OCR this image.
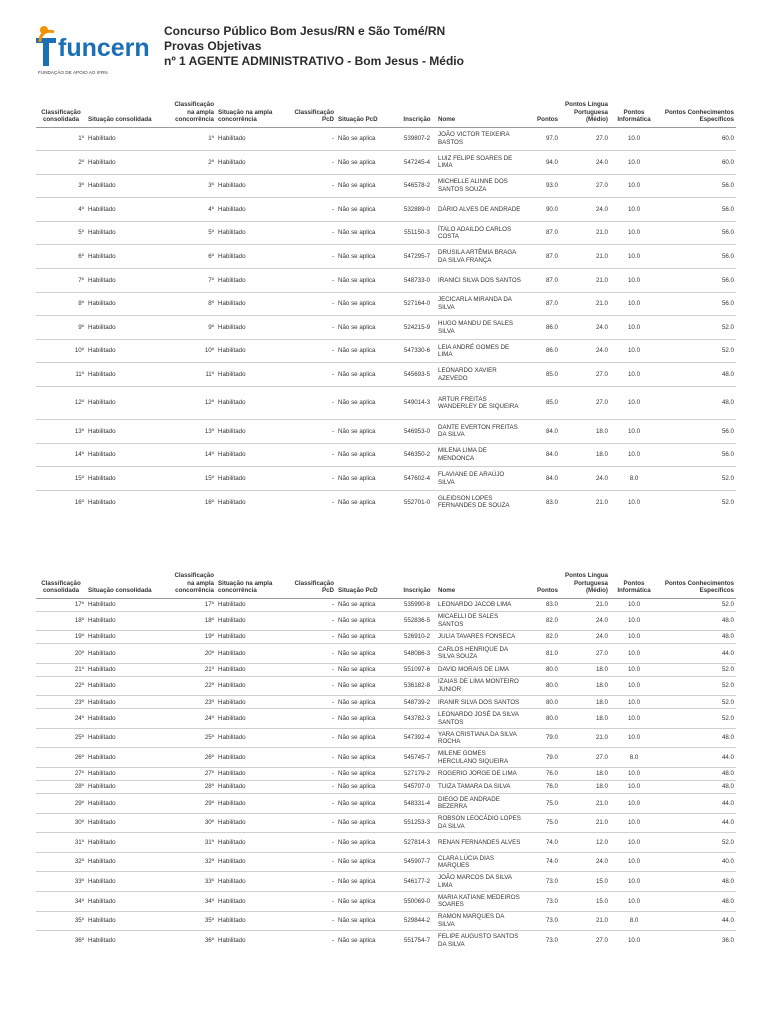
funcern
FUNDAÇÃO DE APOIO AO IFRN
Concurso Público Bom Jesus/RN e São Tomé/RN
Provas Objetivas
nº 1 AGENTE ADMINISTRATIVO - Bom Jesus - Médio
Classificação consolidada	Situação consolidada	Classificação na ampla concorrência	Situação na ampla concorrência	Classificação PcD	Situação PcD	Inscrição	Nome	Pontos	Pontos Língua Portuguesa (Médio)	Pontos Informática	Pontos Conhecimentos Específicos
1º	Habilitado	1º	Habilitado	-	Não se aplica	539807-2	JOÃO VICTOR TEIXEIRA BASTOS	97.0	27.0	10.0	60.0
2º	Habilitado	2º	Habilitado	-	Não se aplica	547245-4	LUIZ FELIPE SOARES DE LIMA	94.0	24.0	10.0	60.0
3º	Habilitado	3º	Habilitado	-	Não se aplica	546578-2	MICHELLE ALINNE DOS SANTOS SOUZA	93.0	27.0	10.0	56.0
4º	Habilitado	4º	Habilitado	-	Não se aplica	532889-0	DÁRIO ALVES DE ANDRADE	90.0	24.0	10.0	56.0
5º	Habilitado	5º	Habilitado	-	Não se aplica	551150-3	ÍTALO ADAILDO CARLOS COSTA	87.0	21.0	10.0	56.0
6º	Habilitado	6º	Habilitado	-	Não se aplica	547295-7	DRUSILA ARTÊMIA BRAGA DA SILVA FRANÇA	87.0	21.0	10.0	56.0
7º	Habilitado	7º	Habilitado	-	Não se aplica	548733-0	IRANICI SILVA DOS SANTOS	87.0	21.0	10.0	56.0
8º	Habilitado	8º	Habilitado	-	Não se aplica	527164-0	JECICARLA MIRANDA DA SILVA	87.0	21.0	10.0	56.0
9º	Habilitado	9º	Habilitado	-	Não se aplica	524215-9	HUGO MANDU DE SALES SILVA	86.0	24.0	10.0	52.0
10º	Habilitado	10º	Habilitado	-	Não se aplica	547330-6	LEIA ANDRÉ GOMES DE LIMA	86.0	24.0	10.0	52.0
11º	Habilitado	11º	Habilitado	-	Não se aplica	545693-5	LEONARDO XAVIER AZEVEDO	85.0	27.0	10.0	48.0
12º	Habilitado	12º	Habilitado	-	Não se aplica	549014-3	ARTUR FREITAS WANDERLEY DE SIQUEIRA	85.0	27.0	10.0	48.0
13º	Habilitado	13º	Habilitado	-	Não se aplica	546953-0	DANTE EVERTON FREITAS DA SILVA	84.0	18.0	10.0	56.0
14º	Habilitado	14º	Habilitado	-	Não se aplica	546350-2	MILENA LIMA DE MENDONCA	84.0	18.0	10.0	56.0
15º	Habilitado	15º	Habilitado	-	Não se aplica	547602-4	FLAVIANE DE ARAÚJO SILVA	84.0	24.0	8.0	52.0
16º	Habilitado	16º	Habilitado	-	Não se aplica	552701-0	GLEIDSON LOPES FERNANDES DE SOUZA	83.0	21.0	10.0	52.0
Classificação consolidada	Situação consolidada	Classificação na ampla concorrência	Situação na ampla concorrência	Classificação PcD	Situação PcD	Inscrição	Nome	Pontos	Pontos Língua Portuguesa (Médio)	Pontos Informática	Pontos Conhecimentos Específicos
17º	Habilitado	17º	Habilitado	-	Não se aplica	535990-8	LEONARDO JACOB LIMA	83.0	21.0	10.0	52.0
18º	Habilitado	18º	Habilitado	-	Não se aplica	552836-5	MICAELLI DE SALES SANTOS	82.0	24.0	10.0	48.0
19º	Habilitado	19º	Habilitado	-	Não se aplica	526910-2	JULIA TAVARES FONSECA	82.0	24.0	10.0	48.0
20º	Habilitado	20º	Habilitado	-	Não se aplica	548086-3	CARLOS HENRIQUE DA SILVA SOUZA	81.0	27.0	10.0	44.0
21º	Habilitado	21º	Habilitado	-	Não se aplica	551097-6	DAVID MORAIS DE LIMA	80.0	18.0	10.0	52.0
22º	Habilitado	22º	Habilitado	-	Não se aplica	536182-8	IZAIAS DE LIMA MONTEIRO JUNIOR	80.0	18.0	10.0	52.0
23º	Habilitado	23º	Habilitado	-	Não se aplica	548739-2	IRANIR SILVA DOS SANTOS	80.0	18.0	10.0	52.0
24º	Habilitado	24º	Habilitado	-	Não se aplica	543782-3	LEONARDO JOSÉ DA SILVA SANTOS	80.0	18.0	10.0	52.0
25º	Habilitado	25º	Habilitado	-	Não se aplica	547392-4	YARA CRISTIANA DA SILVA ROCHA	79.0	21.0	10.0	48.0
26º	Habilitado	26º	Habilitado	-	Não se aplica	545745-7	MILENE GOMES HERCULANO SIQUEIRA	79.0	27.0	8.0	44.0
27º	Habilitado	27º	Habilitado	-	Não se aplica	527179-2	ROGERIO JORGE DE LIMA	76.0	18.0	10.0	48.0
28º	Habilitado	28º	Habilitado	-	Não se aplica	545707-0	TUIZA TAMARA DA SILVA	76.0	18.0	10.0	48.0
29º	Habilitado	29º	Habilitado	-	Não se aplica	548331-4	DIEGO DE ANDRADE BEZERRA	75.0	21.0	10.0	44.0
30º	Habilitado	30º	Habilitado	-	Não se aplica	551253-3	ROBSON LEOCÁDIO LOPES DA SILVA	75.0	21.0	10.0	44.0
31º	Habilitado	31º	Habilitado	-	Não se aplica	527814-3	RENAN FERNANDES ALVES	74.0	12.0	10.0	52.0
32º	Habilitado	32º	Habilitado	-	Não se aplica	545907-7	CLARA LÚCIA DIAS MARQUES	74.0	24.0	10.0	40.0
33º	Habilitado	33º	Habilitado	-	Não se aplica	546177-2	JOÃO MARCOS DA SILVA LIMA	73.0	15.0	10.0	48.0
34º	Habilitado	34º	Habilitado	-	Não se aplica	550069-0	MARIA KATIANE MEDEIROS SOARES	73.0	15.0	10.0	48.0
35º	Habilitado	35º	Habilitado	-	Não se aplica	529844-2	RAMON MARQUES DA SILVA	73.0	21.0	8.0	44.0
36º	Habilitado	36º	Habilitado	-	Não se aplica	551754-7	FELIPE AUGUSTO SANTOS DA SILVA	73.0	27.0	10.0	36.0
